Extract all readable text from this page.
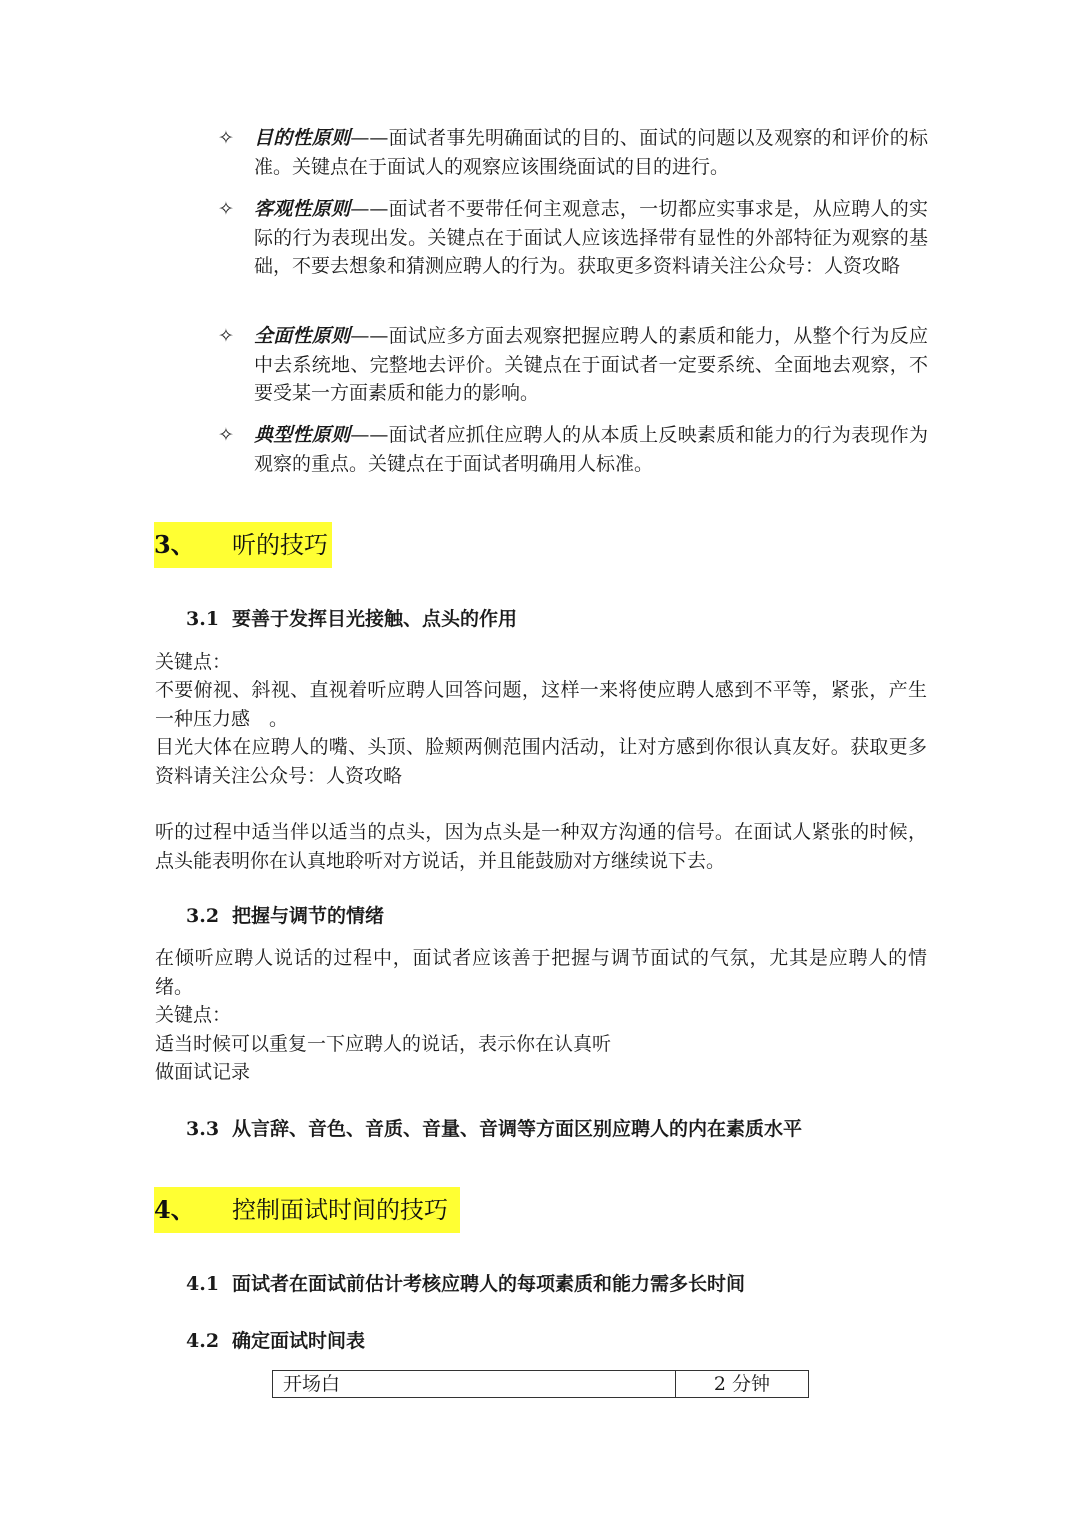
✧	目的性原则——面试者事先明确面试的目的、面试的问题以及观察的和评价的标准。关键点在于面试人的观察应该围绕面试的目的进行。
✧	客观性原则——面试者不要带任何主观意志，一切都应实事求是，从应聘人的实际的行为表现出发。关键点在于面试人应该选择带有显性的外部特征为观察的基础，不要去想象和猜测应聘人的行为。获取更多资料请关注公众号：人资攻略
✧	全面性原则——面试应多方面去观察把握应聘人的素质和能力，从整个行为反应中去系统地、完整地去评价。关键点在于面试者一定要系统、全面地去观察，不要受某一方面素质和能力的影响。
✧	典型性原则——面试者应抓住应聘人的从本质上反映素质和能力的行为表现作为观察的重点。关键点在于面试者明确用人标准。
3、 听的技巧
3.1 要善于发挥目光接触、点头的作用
关键点：
不要俯视、斜视、直视着听应聘人回答问题，这样一来将使应聘人感到不平等，紧张，产生一种压力感　。
目光大体在应聘人的嘴、头顶、脸颊两侧范围内活动，让对方感到你很认真友好。获取更多资料请关注公众号：人资攻略
听的过程中适当伴以适当的点头，因为点头是一种双方沟通的信号。在面试人紧张的时候，点头能表明你在认真地聆听对方说话，并且能鼓励对方继续说下去。
3.2 把握与调节的情绪
在倾听应聘人说话的过程中，面试者应该善于把握与调节面试的气氛，尤其是应聘人的情绪。
关键点：
适当时候可以重复一下应聘人的说话，表示你在认真听
做面试记录
3.3 从言辞、音色、音质、音量、音调等方面区别应聘人的内在素质水平
4、 控制面试时间的技巧
4.1 面试者在面试前估计考核应聘人的每项素质和能力需多长时间
4.2 确定面试时间表
开场白	2 分钟
